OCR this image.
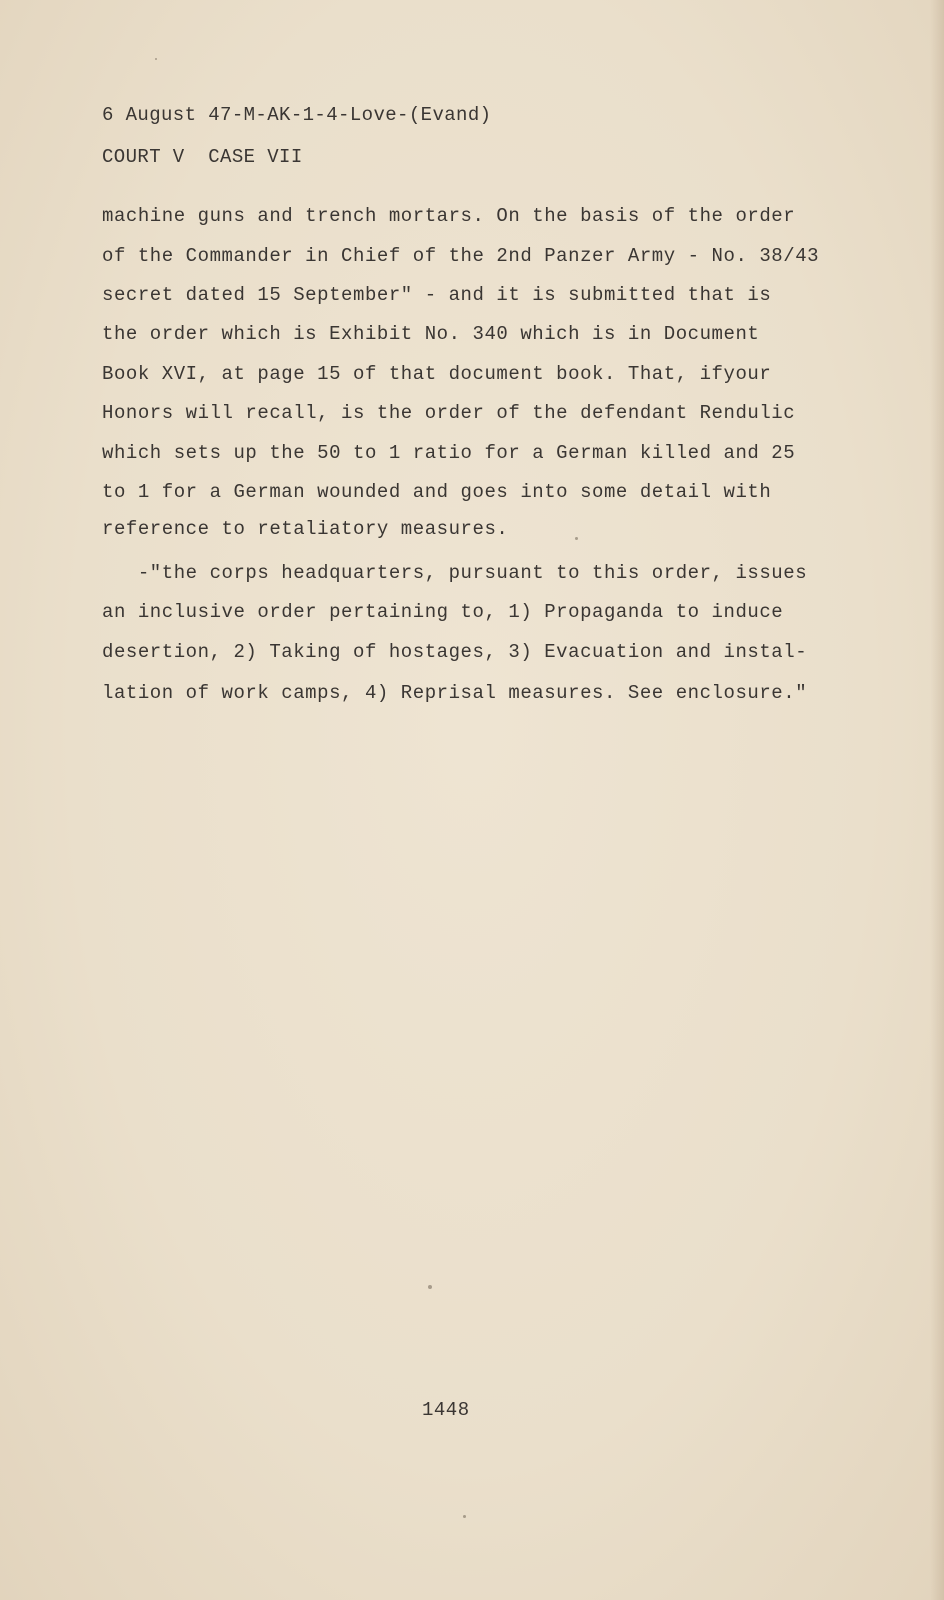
6 August 47-M-AK-1-4-Love-(Evand)
COURT V  CASE VII
machine guns and trench mortars. On the basis of the order
of the Commander in Chief of the 2nd Panzer Army - No. 38/43
secret dated 15 September" - and it is submitted that is
the order which is Exhibit No. 340 which is in Document
Book XVI, at page 15 of that document book. That, ifyour
Honors will recall, is the order of the defendant Rendulic
which sets up the 50 to 1 ratio for a German killed and 25
to 1 for a German wounded and goes into some detail with
reference to retaliatory measures.
-"the corps headquarters, pursuant to this order, issues
an inclusive order pertaining to, 1) Propaganda to induce
desertion, 2) Taking of hostages, 3) Evacuation and instal-
lation of work camps, 4) Reprisal measures. See enclosure."
1448
